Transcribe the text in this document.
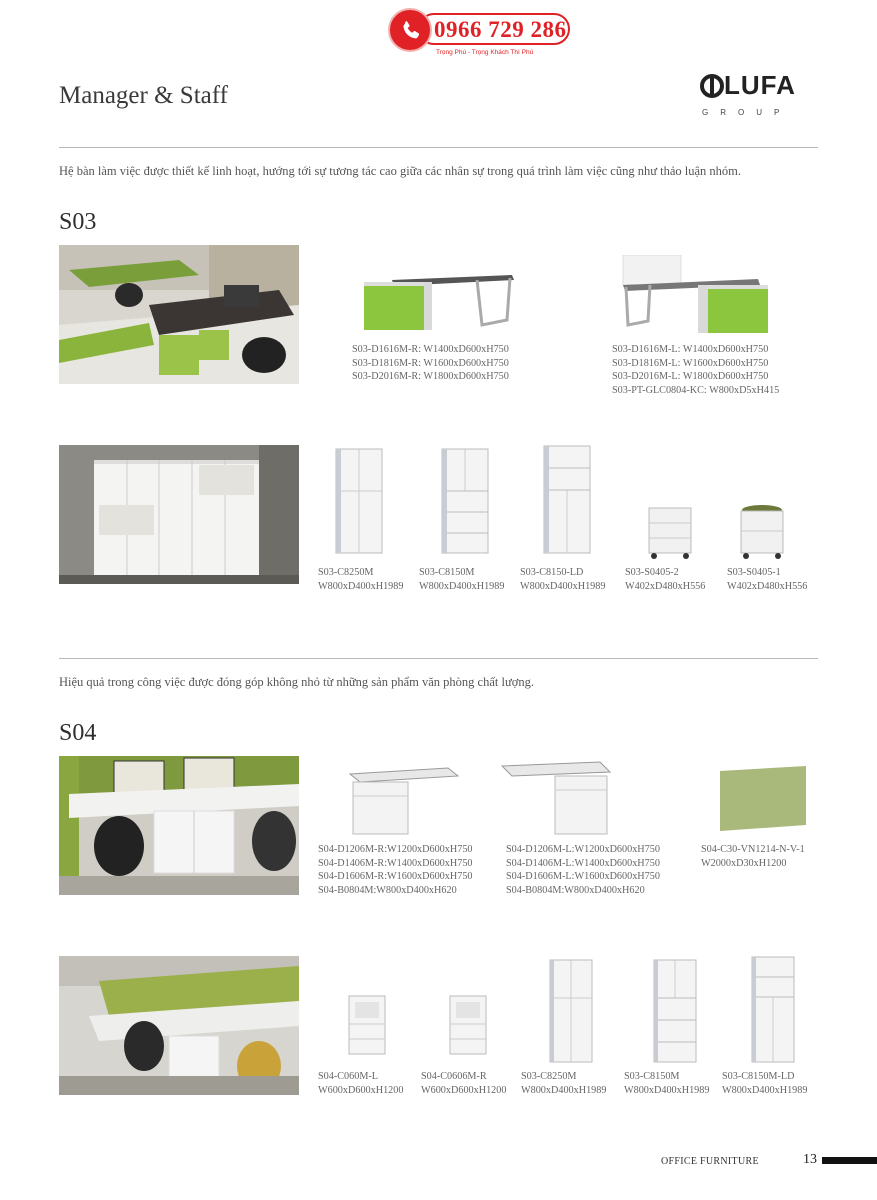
0966 729 286
Trọng Phú - Trọng Khách Thì Phú
Manager & Staff	LUFA
GROUP
Hệ bàn làm việc được thiết kế linh hoạt, hướng tới sự tương tác cao giữa các nhân sự trong quá trình làm việc cũng như thảo luận nhóm.
S03
S03-D1616M-R: W1400xD600xH750
S03-D1816M-R: W1600xD600xH750
S03-D2016M-R: W1800xD600xH750
S03-D1616M-L: W1400xD600xH750
S03-D1816M-L: W1600xD600xH750
S03-D2016M-L: W1800xD600xH750
S03-PT-GLC0804-KC: W800xD5xH415
S03-C8250M
W800xD400xH1989
S03-C8150M
W800xD400xH1989
S03-C8150-LD
W800xD400xH1989
S03-S0405-2
W402xD480xH556
S03-S0405-1
W402xD480xH556
Hiệu quả trong công việc được đóng góp không nhỏ từ những sản phẩm văn phòng chất lượng.
S04
S04-D1206M-R:W1200xD600xH750
S04-D1406M-R:W1400xD600xH750
S04-D1606M-R:W1600xD600xH750
S04-B0804M:W800xD400xH620
S04-D1206M-L:W1200xD600xH750
S04-D1406M-L:W1400xD600xH750
S04-D1606M-L:W1600xD600xH750
S04-B0804M:W800xD400xH620
S04-C30-VN1214-N-V-1
W2000xD30xH1200
S04-C060M-L
W600xD600xH1200
S04-C0606M-R
W600xD600xH1200
S03-C8250M
W800xD400xH1989
S03-C8150M
W800xD400xH1989
S03-C8150M-LD
W800xD400xH1989
OFFICE FURNITURE	13
